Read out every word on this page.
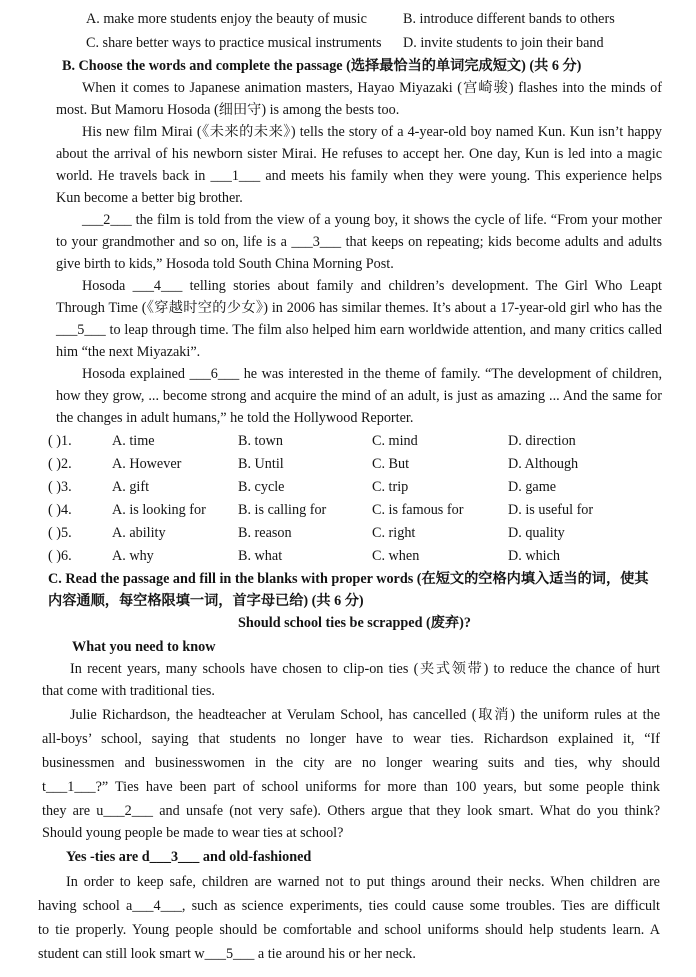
A. make more students enjoy the beauty of music	B. introduce different bands to others
C. share better ways to practice musical instruments D. invite students to join their band
B. Choose the words and complete the passage (选择最恰当的单词完成短文) (共 6 分)
When it comes to Japanese animation masters, Hayao Miyazaki (宫崎骏) flashes into the minds of
most. But Mamoru Hosoda (细田守) is among the bests too.
His new film Mirai (《未来的未来》) tells the story of a 4-year-old boy named Kun. Kun isn’t happy
about the arrival of his newborn sister Mirai. He refuses to accept her. One day, Kun is led into a magic
world. He travels back in ___1___ and meets his family when they were young. This experience helps
Kun become a better big brother.
___2___ the film is told from the view of a young boy, it shows the cycle of life. “From your mother
to your grandmother and so on, life is a ___3___ that keeps on repeating; kids become adults and adults
give birth to kids,” Hosoda told South China Morning Post.
Hosoda ___4___ telling stories about family and children’s development. The Girl Who Leapt
Through Time (《穿越时空的少女》) in 2006 has similar themes. It’s about a 17-year-old girl who has the
___5___ to leap through time. The film also helped him earn worldwide attention, and many critics called
him “the next Miyazaki”.
Hosoda explained ___6___ he was interested in the theme of family. “The development of children,
how they grow, ... become strong and acquire the mind of an adult, is just as amazing ... And the same for
the changes in adult humans,” he told the Hollywood Reporter.
( )1.	A. time	B. town	C. mind	D. direction
( )2.	A. However	B. Until	C. But	D. Although
( )3.	A. gift	B. cycle	C. trip	D. game
( )4.	A. is looking for B. is calling for	C. is famous for	D. is useful for
( )5.	A. ability	B. reason	C. right	D. quality
( )6.	A. why	B. what	C. when	D. which
C. Read the passage and fill in the blanks with proper words (在短文的空格内填入适当的词，使其
内容通顺，每空格限填一词，首字母已给) (共 6 分)
Should school ties be scrapped (废弃)?
What you need to know
In recent years, many schools have chosen to clip-on ties (夹式领带) to reduce the chance of hurt
that come with traditional ties.
Julie Richardson, the headteacher at Verulam School, has cancelled (取消) the uniform rules at the
all-boys’ school, saying that students no longer have to wear ties. Richardson explained it, “If
businessmen and businesswomen in the city are no longer wearing suits and ties, why should
t___1___?” Ties have been part of school uniforms for more than 100 years, but some people think
they are u___2___ and unsafe (not very safe). Others argue that they look smart. What do you think?
Should young people be made to wear ties at school?
Yes -ties are d___3___ and old-fashioned
In order to keep safe, children are warned not to put things around their necks. When children are
having school a___4___, such as science experiments, ties could cause some troubles. Ties are difficult
to tie properly. Young people should be comfortable and school uniforms should help students learn. A
student can still look smart w___5___ a tie around his or her neck.
